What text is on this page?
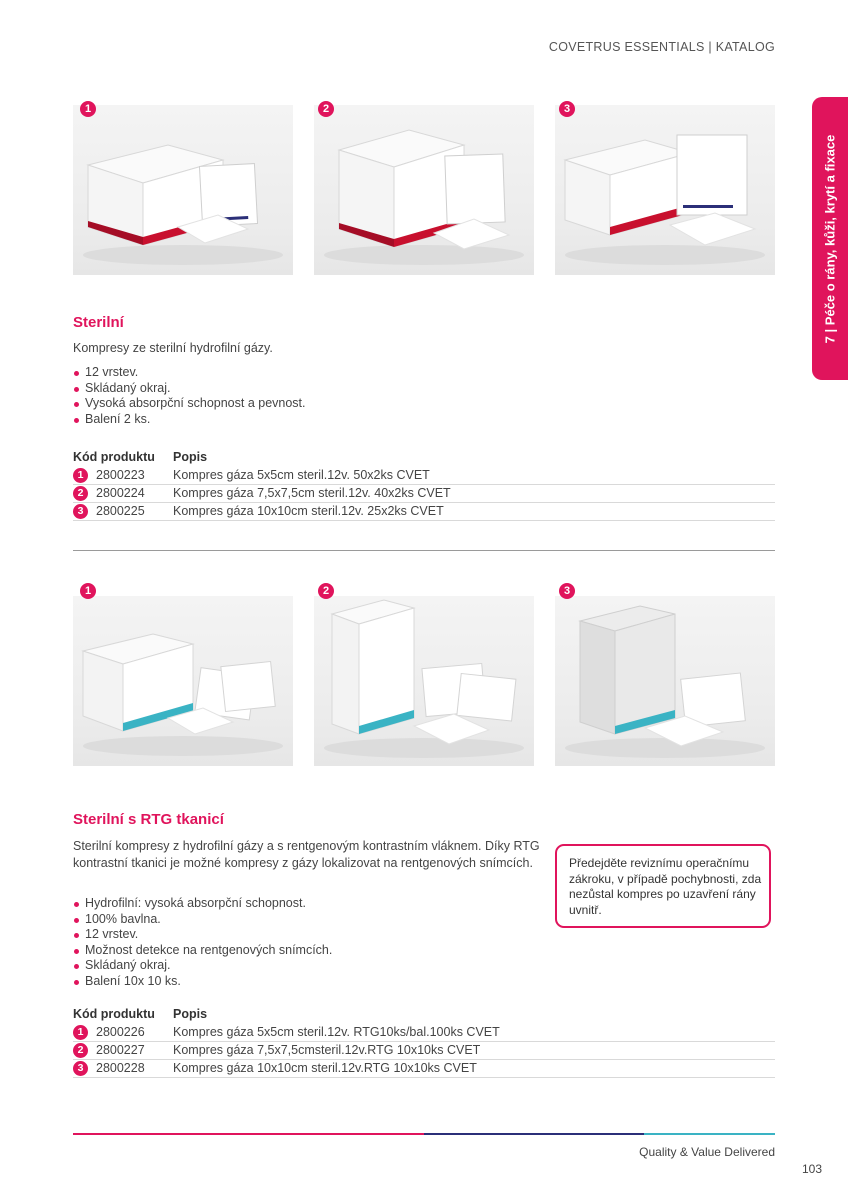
COVETRUS ESSENTIALS | KATALOG
7 | Péče o rány, kůži, krytí a fixace
1	2	3
Sterilní
Kompresy ze sterilní hydrofilní gázy.
12 vrstev.
Skládaný okraj.
Vysoká absorpční schopnost a pevnost.
Balení 2 ks.
Kód produktu Popis
1	2800223 Kompres gáza 5x5cm steril.12v. 50x2ks CVET
2	2800224 Kompres gáza 7,5x7,5cm steril.12v. 40x2ks CVET
3	2800225 Kompres gáza 10x10cm steril.12v. 25x2ks CVET
1	2	3
Sterilní s RTG tkanicí
Sterilní kompresy z hydrofilní gázy a s rentgenovým kontrastním vláknem. Díky RTG kontrastní tkanici je možné kompresy z gázy lokalizovat na rentgenových snímcích.
Hydrofilní: vysoká absorpční schopnost.
100% bavlna.
12 vrstev.
Možnost detekce na rentgenových snímcích.
Skládaný okraj.
Balení 10x 10 ks.
Předejděte reviznímu operačnímu zákroku, v případě pochybnosti, zda nezůstal kompres po uzavření rány uvnitř.
Kód produktu Popis
1	2800226 Kompres gáza 5x5cm steril.12v. RTG10ks/bal.100ks CVET
2	2800227 Kompres gáza 7,5x7,5cmsteril.12v.RTG 10x10ks CVET
3	2800228 Kompres gáza 10x10cm steril.12v.RTG 10x10ks CVET
Quality & Value Delivered
103
